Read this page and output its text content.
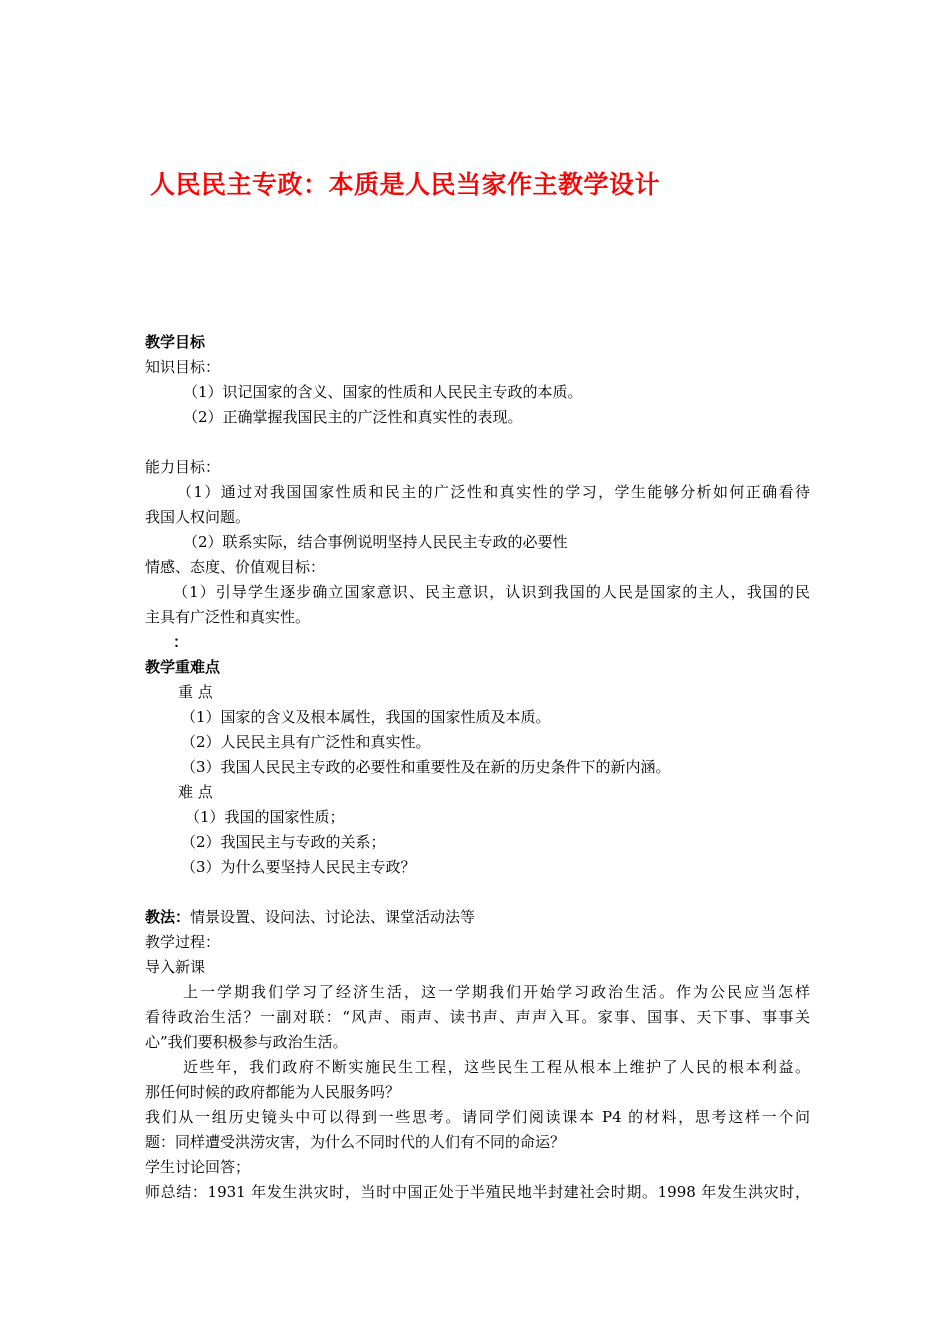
人民民主专政：本质是人民当家作主教学设计
教学目标
知识目标：
（1）识记国家的含义、国家的性质和人民民主专政的本质。
（2）正确掌握我国民主的广泛性和真实性的表现。
能力目标：
（1）通过对我国国家性质和民主的广泛性和真实性的学习，学生能够分析如何正确看待
我国人权问题。
（2）联系实际，结合事例说明坚持人民民主专政的必要性
情感、态度、价值观目标：
（1）引导学生逐步确立国家意识、民主意识，认识到我国的人民是国家的主人，我国的民
主具有广泛性和真实性。
：
教学重难点
重 点
（1）国家的含义及根本属性，我国的国家性质及本质。
（2）人民民主具有广泛性和真实性。
（3）我国人民民主专政的必要性和重要性及在新的历史条件下的新内涵。
难 点
（1）我国的国家性质；
（2）我国民主与专政的关系；
（3）为什么要坚持人民民主专政？
教法：情景设置、设问法、讨论法、课堂活动法等
教学过程：
导入新课
上一学期我们学习了经济生活，这一学期我们开始学习政治生活。作为公民应当怎样
看待政治生活？一副对联：“风声、雨声、读书声、声声入耳。家事、国事、天下事、事事关
心”我们要积极参与政治生活。
近些年，我们政府不断实施民生工程，这些民生工程从根本上维护了人民的根本利益。
那任何时候的政府都能为人民服务吗？
我们从一组历史镜头中可以得到一些思考。请同学们阅读课本 P4 的材料，思考这样一个问
题：同样遭受洪涝灾害，为什么不同时代的人们有不同的命运？
学生讨论回答；
师总结：1931 年发生洪灾时，当时中国正处于半殖民地半封建社会时期。1998 年发生洪灾时，
